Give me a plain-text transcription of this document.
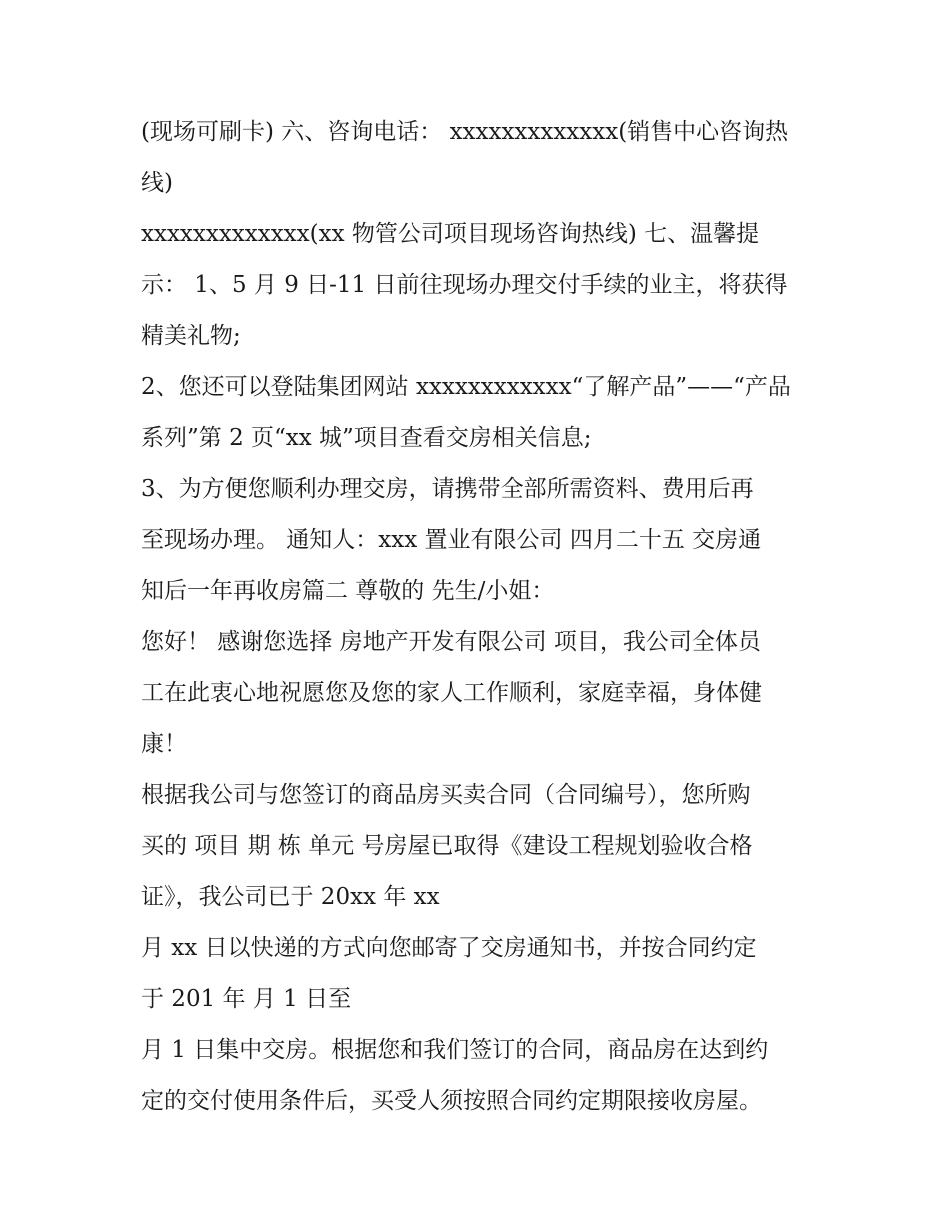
(现场可刷卡) 六、咨询电话： xxxxxxxxxxxxx(销售中心咨询热
线)
xxxxxxxxxxxxx(xx 物管公司项目现场咨询热线) 七、温馨提
示： 1、5 月 9 日-11 日前往现场办理交付手续的业主，将获得
精美礼物;
2、您还可以登陆集团网站 xxxxxxxxxxxx“了解产品”——“产品
系列”第 2 页“xx 城”项目查看交房相关信息;
3、为方便您顺利办理交房，请携带全部所需资料、费用后再
至现场办理。 通知人：xxx 置业有限公司 四月二十五 交房通
知后一年再收房篇二 尊敬的 先生/小姐：
您好！ 感谢您选择 房地产开发有限公司 项目，我公司全体员
工在此衷心地祝愿您及您的家人工作顺利，家庭幸福，身体健
康！
根据我公司与您签订的商品房买卖合同（合同编号），您所购
买的 项目 期 栋 单元 号房屋已取得《建设工程规划验收合格
证》，我公司已于 20xx 年 xx
月 xx 日以快递的方式向您邮寄了交房通知书，并按合同约定
于 201 年 月 1 日至
月 1 日集中交房。根据您和我们签订的合同，商品房在达到约
定的交付使用条件后，买受人须按照合同约定期限接收房屋。
